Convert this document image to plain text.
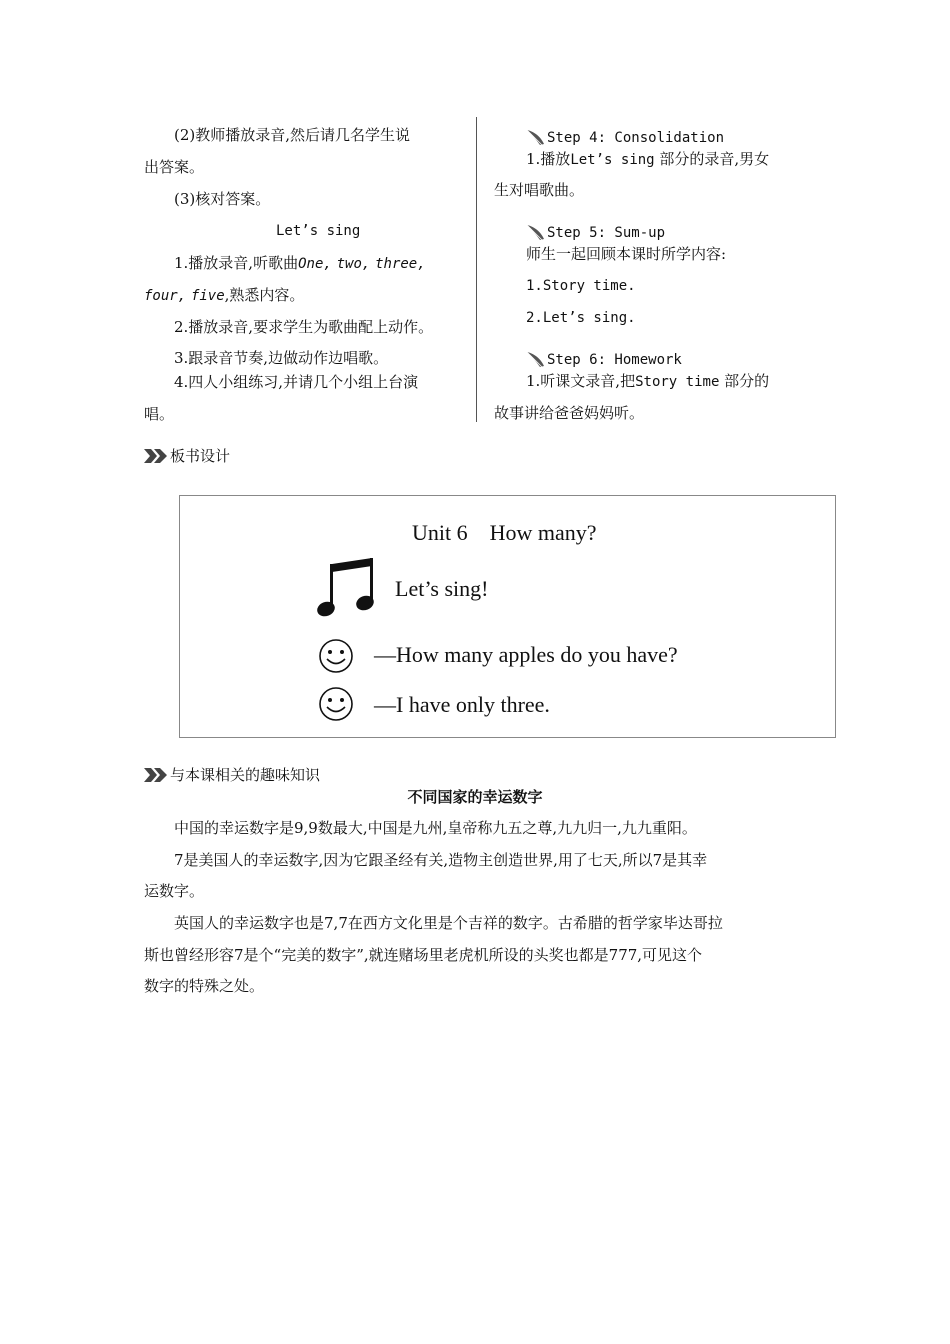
(2)教师播放录音,然后请几名学生说

出答案。

(3)核对答案。

Let’s sing

1.播放录音,听歌曲One, two, three,

four, five,熟悉内容。

2.播放录音,要求学生为歌曲配上动作。

3.跟录音节奏,边做动作边唱歌。

4.四人小组练习,并请几个小组上台演

唱。

Step 4: Consolidation

1.播放Let’s sing 部分的录音,男女

生对唱歌曲。

Step 5: Sum-up

师生一起回顾本课时所学内容:

1.Story time.

2.Let’s sing.

Step 6: Homework

1.听课文录音,把Story time 部分的

故事讲给爸爸妈妈听。

板书设计
Unit 6　How many?
Let’s sing!
—How many apples do you have?
—I have only three.
与本课相关的趣味知识
不同国家的幸运数字

中国的幸运数字是9,9数最大,中国是九州,皇帝称九五之尊,九九归一,九九重阳。

7是美国人的幸运数字,因为它跟圣经有关,造物主创造世界,用了七天,所以7是其幸

运数字。

英国人的幸运数字也是7,7在西方文化里是个吉祥的数字。古希腊的哲学家毕达哥拉

斯也曾经形容7是个“完美的数字”,就连赌场里老虎机所设的头奖也都是777,可见这个

数字的特殊之处。
